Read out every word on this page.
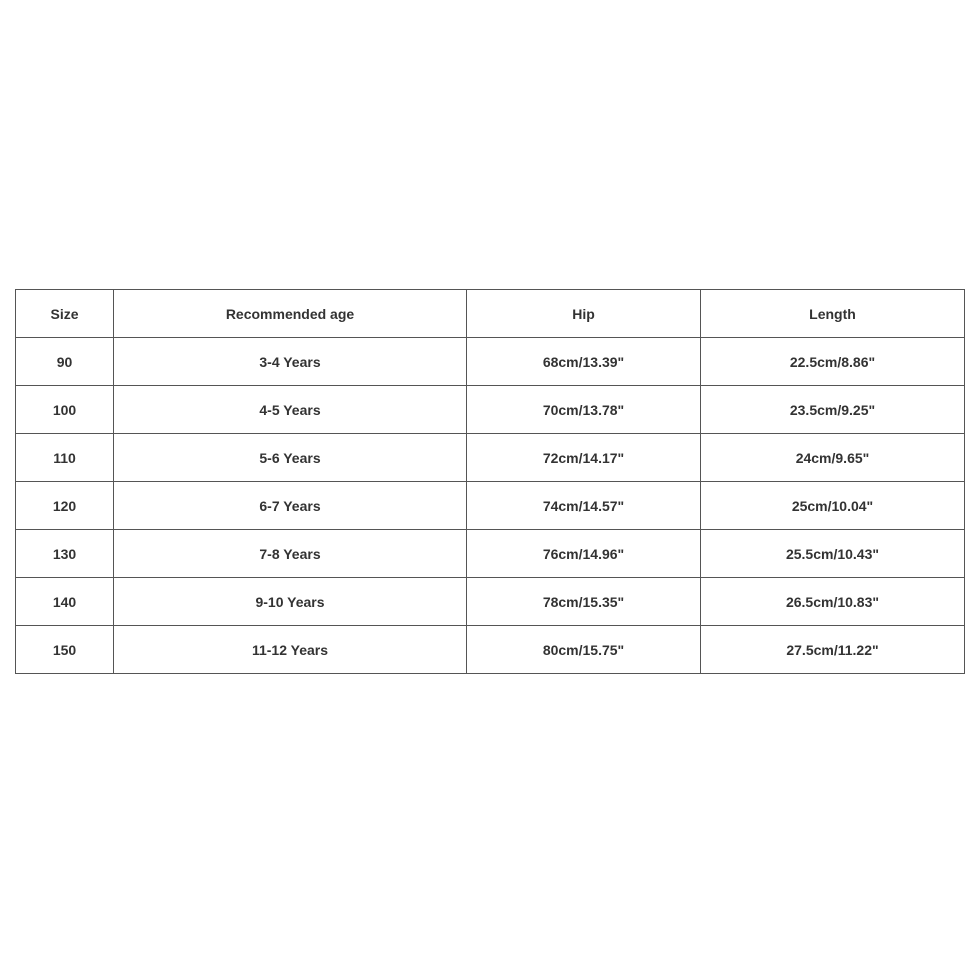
Size	Recommended age	Hip	Length
90	3-4 Years	68cm/13.39"	22.5cm/8.86"
100	4-5 Years	70cm/13.78"	23.5cm/9.25"
110	5-6 Years	72cm/14.17"	24cm/9.65"
120	6-7 Years	74cm/14.57"	25cm/10.04"
130	7-8 Years	76cm/14.96"	25.5cm/10.43"
140	9-10 Years	78cm/15.35"	26.5cm/10.83"
150	11-12 Years	80cm/15.75"	27.5cm/11.22"
